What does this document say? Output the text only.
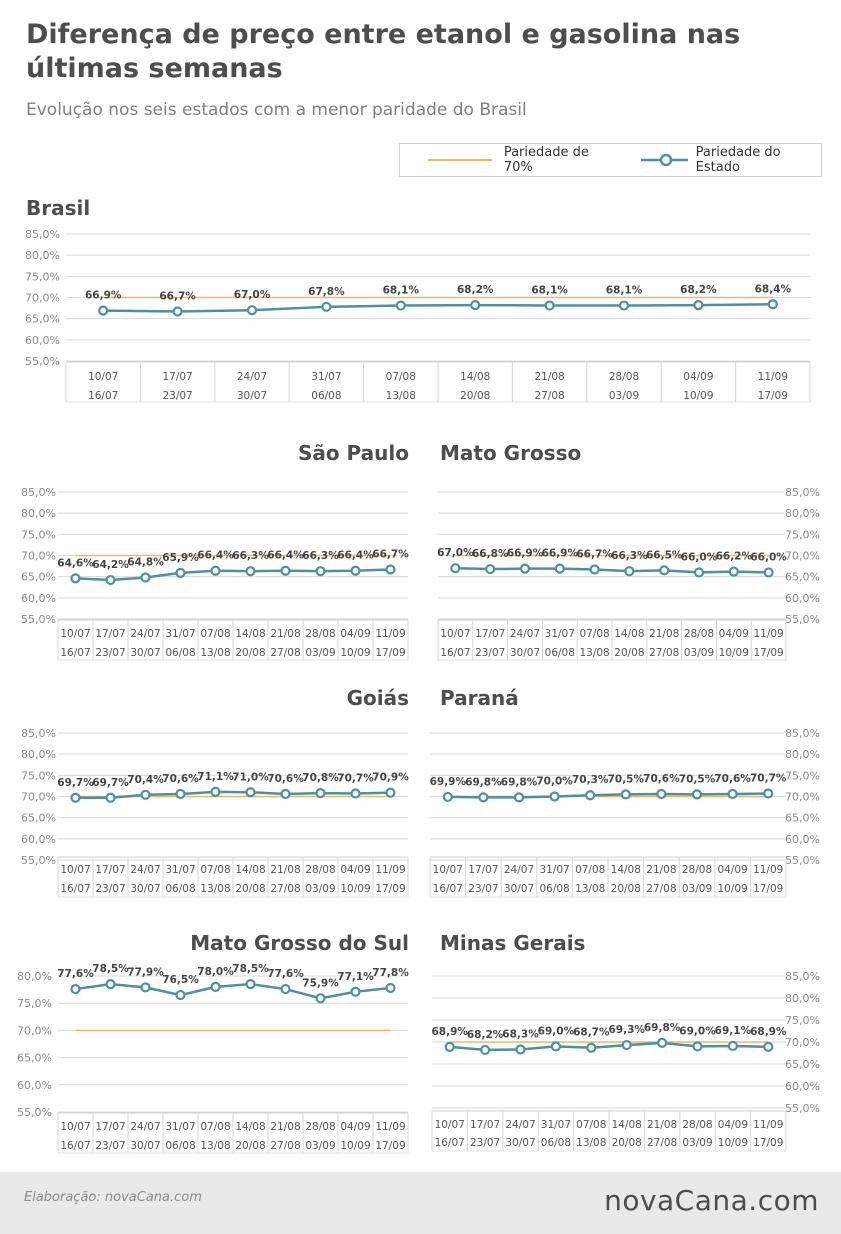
Diferença de preço entre etanol e gasolina nas últimas semanas

Evolução nos seis estados com a menor paridade do Brasil

Pariedade de 70%
Pariedade do Estado
Brasil
São Paulo Mato Grosso
Goiás Paraná
Mato Grosso do Sul Minas Gerais
85,0%
80,0%
75,0%
70,0%
65,0%
60,0%
55,0%
10/07
16/07
17/07
23/07
24/07
30/07
31/07
06/08
07/08
13/08
14/08
20/08
21/08
27/08
28/08
03/09
04/09
10/09
11/09
17/09
66,9%	66,7%	67,0%	67,8%	68,1%	68,2%	68,1%	68,1%	68,2%	68,4%
85,0%
80,0%
75,0%
70,0%
65,0%
60,0%
55,0%
10/07
16/07
17/07
23/07
24/07
30/07
31/07
06/08
07/08
13/08
14/08
20/08
21/08
27/08
28/08
03/09
04/09
10/09
11/09
17/09
64,6%
64,2%
64,8%
65,9%
66,4%
66,3%
66,4%
66,3%
66,4%
66,7%
85,0%
80,0%
75,0%
70,0%
65,0%
60,0%
55,0%
10/07
16/07
17/07
23/07
24/07
30/07
31/07
06/08
07/08
13/08
14/08
20/08
21/08
27/08
28/08
03/09
04/09
10/09
11/09
17/09
67,0%
66,8%
66,9%
66,9%
66,7%
66,3%
66,5%
66,0%
66,2%
66,0%
85,0%
80,0%
75,0%
70,0%
65,0%
60,0%
55,0%
10/07
16/07
17/07
23/07
24/07
30/07
31/07
06/08
07/08
13/08
14/08
20/08
21/08
27/08
28/08
03/09
04/09
10/09
11/09
17/09
69,7%
69,7%
70,4%
70,6%
71,1%
71,0%
70,6%
70,8%
70,7%
70,9%
85,0%
80,0%
75,0%
70,0%
65,0%
60,0%
55,0%
10/07
16/07
17/07
23/07
24/07
30/07
31/07
06/08
07/08
13/08
14/08
20/08
21/08
27/08
28/08
03/09
04/09
10/09
11/09
17/09
69,9% 69,8% 69,8% 70,0% 70,3% 70,5% 70,6% 70,5% 70,6% 70,7%
80,0%
75,0%
70,0%
65,0%
60,0%
55,0%
10/07
16/07
17/07
23/07
24/07
30/07
31/07
06/08
07/08
13/08
14/08
20/08
21/08
27/08
28/08
03/09
04/09
10/09
11/09
17/09
77,6%
78,5%
77,9%
76,5%
78,0%
78,5%
77,6%
75,9%
77,1%
77,8%	85,0%
80,0%
75,0%
70,0%
65,0%
60,0%
55,0%
10/07
16/07
17/07
23/07
24/07
30/07
31/07
06/08
07/08
13/08
14/08
20/08
21/08
27/08
28/08
03/09
04/09
10/09
11/09
17/09
68,9%
68,2%
68,3%
69,0%
68,7%
69,3%
69,8%
69,0%
69,1%
68,9%
Elaboração: novaCana.com	novaCana.com
